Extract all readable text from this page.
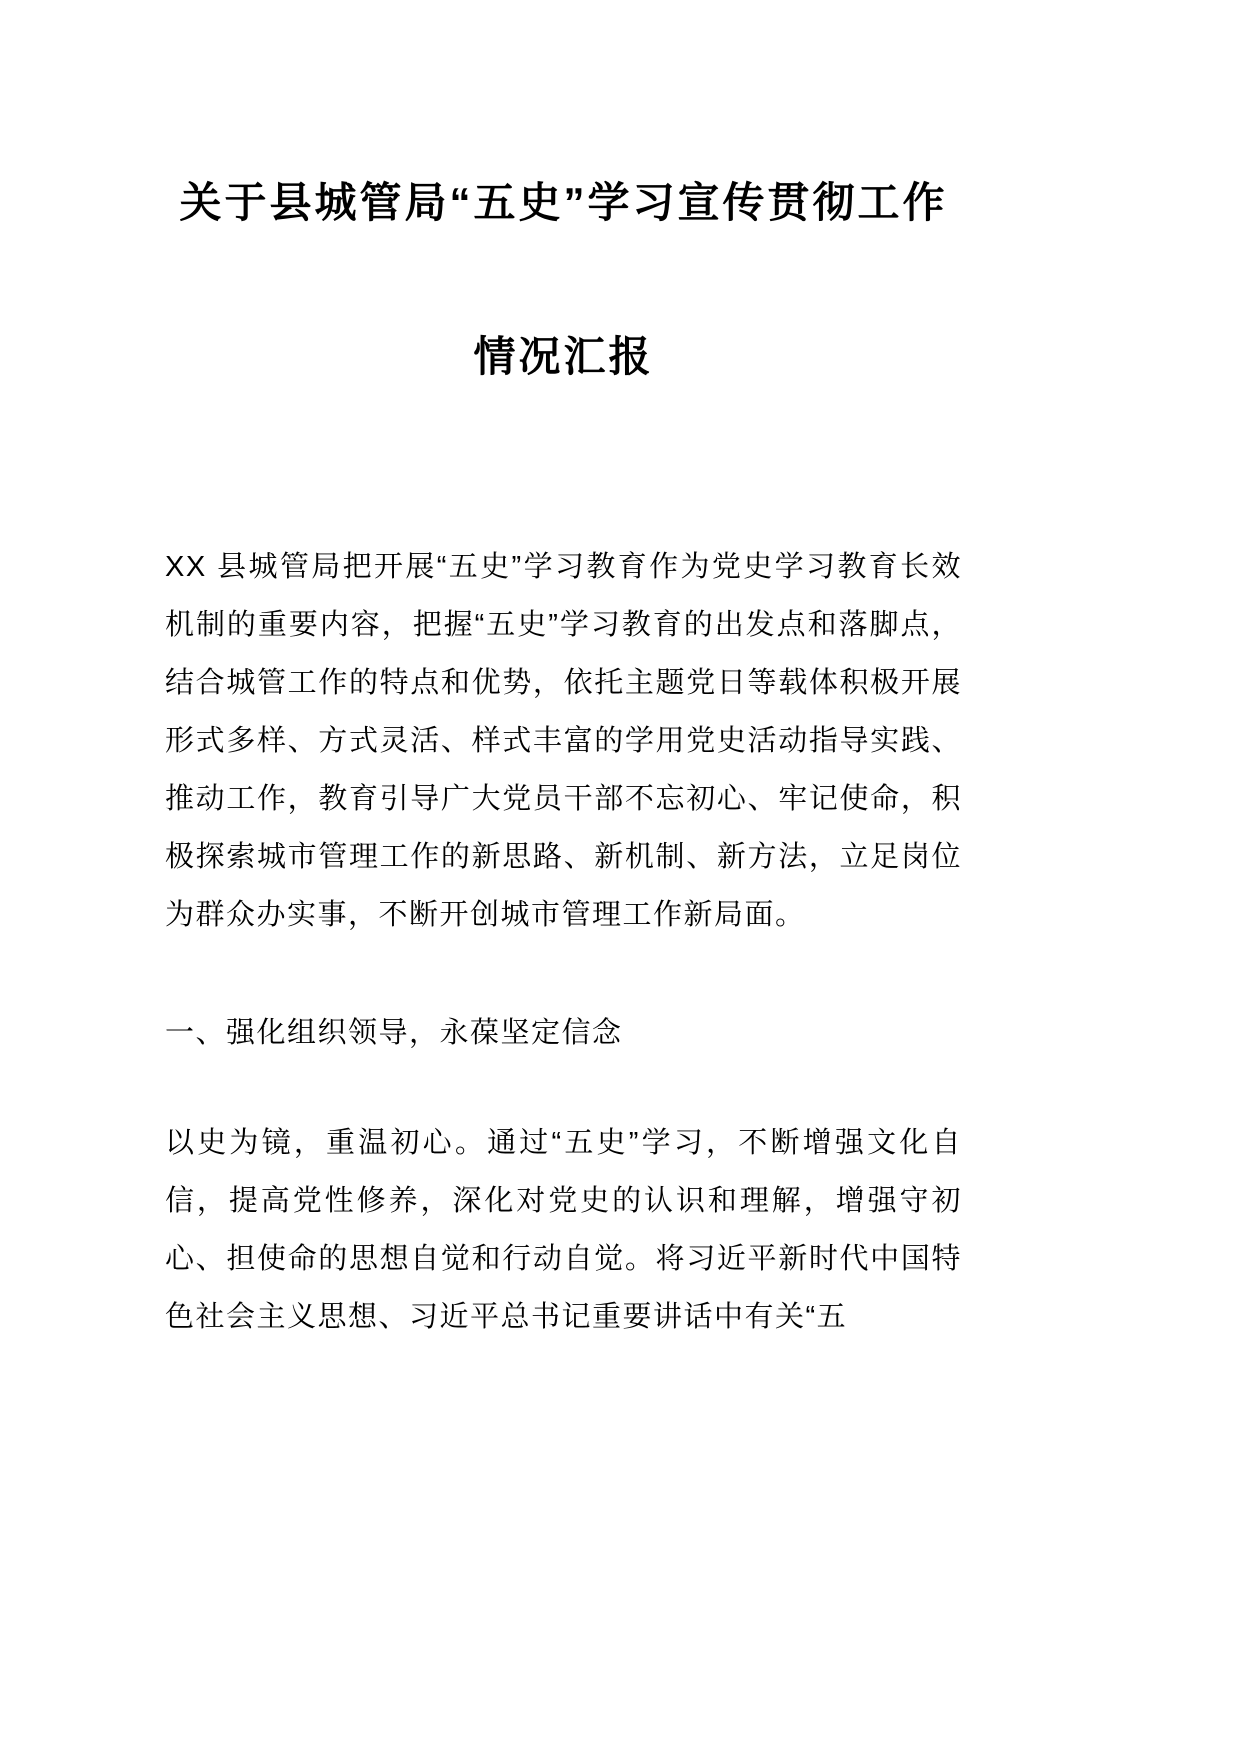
关于县城管局“五史”学习宣传贯彻工作
情况汇报

XX 县城管局把开展“五史”学习教育作为党史学习教育长效机制的重要内容，把握“五史”学习教育的出发点和落脚点，结合城管工作的特点和优势，依托主题党日等载体积极开展形式多样、方式灵活、样式丰富的学用党史活动指导实践、推动工作，教育引导广大党员干部不忘初心、牢记使命，积极探索城市管理工作的新思路、新机制、新方法，立足岗位为群众办实事，不断开创城市管理工作新局面。

一、强化组织领导，永葆坚定信念

以史为镜，重温初心。通过“五史”学习，不断增强文化自信，提高党性修养，深化对党史的认识和理解，增强守初心、担使命的思想自觉和行动自觉。将习近平新时代中国特色社会主义思想、习近平总书记重要讲话中有关“五
